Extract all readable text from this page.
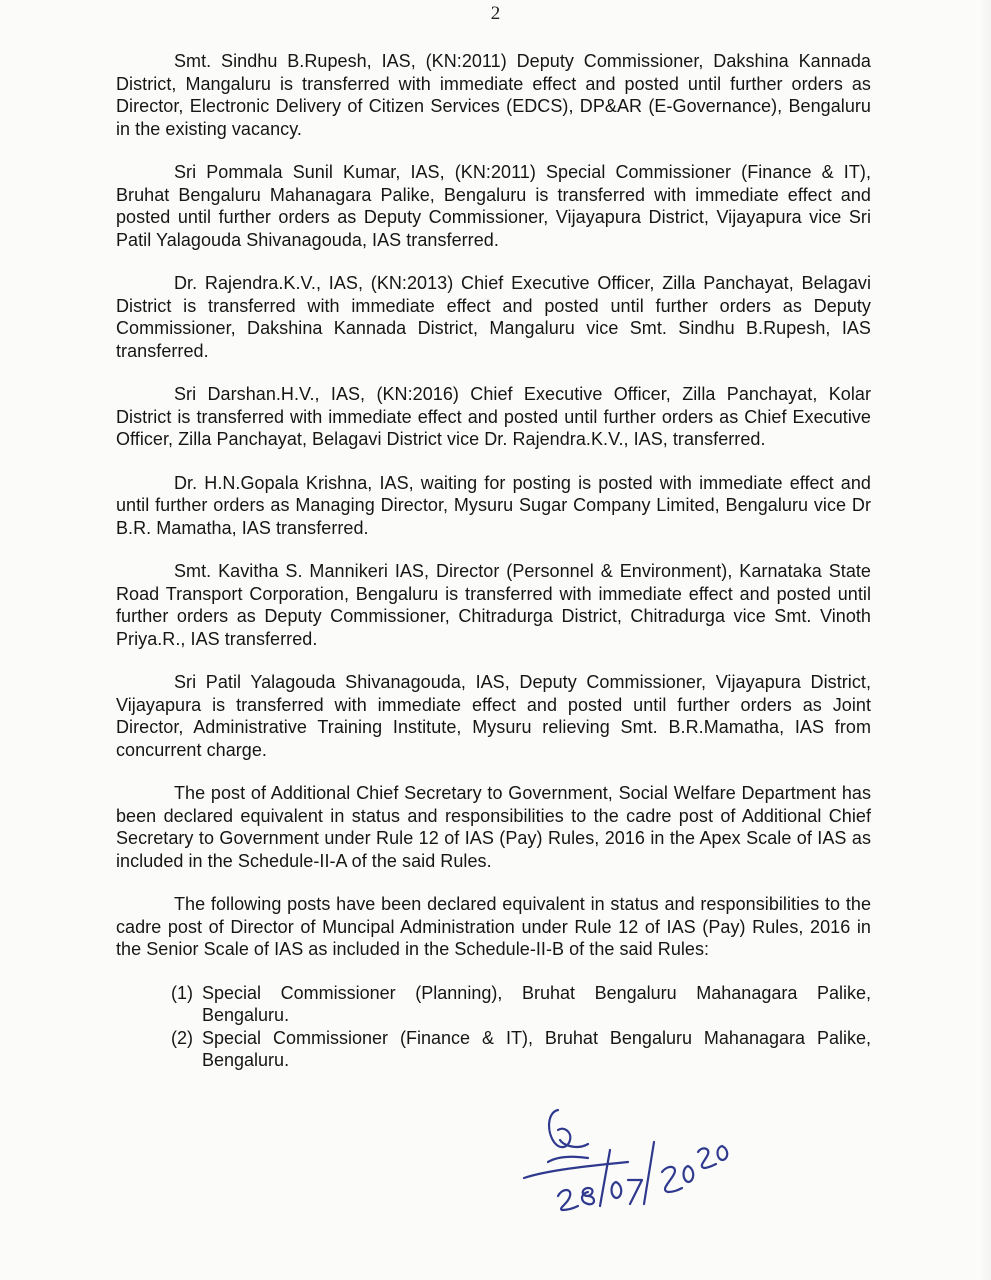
2

Smt. Sindhu B.Rupesh, IAS, (KN:2011) Deputy Commissioner, Dakshina Kannada District, Mangaluru is transferred with immediate effect and posted until further orders as Director, Electronic Delivery of Citizen Services (EDCS), DP&AR (E-Governance), Bengaluru in the existing vacancy.

Sri Pommala Sunil Kumar, IAS, (KN:2011) Special Commissioner (Finance & IT), Bruhat Bengaluru Mahanagara Palike, Bengaluru is transferred with immediate effect and posted until further orders as Deputy Commissioner, Vijayapura District, Vijayapura vice Sri Patil Yalagouda Shivanagouda, IAS transferred.

Dr. Rajendra.K.V., IAS, (KN:2013) Chief Executive Officer, Zilla Panchayat, Belagavi District is transferred with immediate effect and posted until further orders as Deputy Commissioner, Dakshina Kannada District, Mangaluru vice Smt. Sindhu B.Rupesh, IAS transferred.

Sri Darshan.H.V., IAS, (KN:2016) Chief Executive Officer, Zilla Panchayat, Kolar District is transferred with immediate effect and posted until further orders as Chief Executive Officer, Zilla Panchayat, Belagavi District vice Dr. Rajendra.K.V., IAS, transferred.

Dr. H.N.Gopala Krishna, IAS, waiting for posting is posted with immediate effect and until further orders as Managing Director, Mysuru Sugar Company Limited, Bengaluru vice Dr B.R. Mamatha, IAS transferred.

Smt. Kavitha S. Mannikeri IAS, Director (Personnel & Environment), Karnataka State Road Transport Corporation, Bengaluru is transferred with immediate effect and posted until further orders as Deputy Commissioner, Chitradurga District, Chitradurga vice Smt. Vinoth Priya.R., IAS transferred.

Sri Patil Yalagouda Shivanagouda, IAS, Deputy Commissioner, Vijayapura District, Vijayapura is transferred with immediate effect and posted until further orders as Joint Director, Administrative Training Institute, Mysuru relieving Smt. B.R.Mamatha, IAS from concurrent charge.

The post of Additional Chief Secretary to Government, Social Welfare Department has been declared equivalent in status and responsibilities to the cadre post of Additional Chief Secretary to Government under Rule 12 of IAS (Pay) Rules, 2016 in the Apex Scale of IAS as included in the Schedule-II-A of the said Rules.

The following posts have been declared equivalent in status and responsibilities to the cadre post of Director of Muncipal Administration under Rule 12 of IAS (Pay) Rules, 2016 in the Senior Scale of IAS as included in the Schedule-II-B of the said Rules:

(1) Special Commissioner (Planning), Bruhat Bengaluru Mahanagara Palike, Bengaluru.
(2) Special Commissioner (Finance & IT), Bruhat Bengaluru Mahanagara Palike, Bengaluru.
